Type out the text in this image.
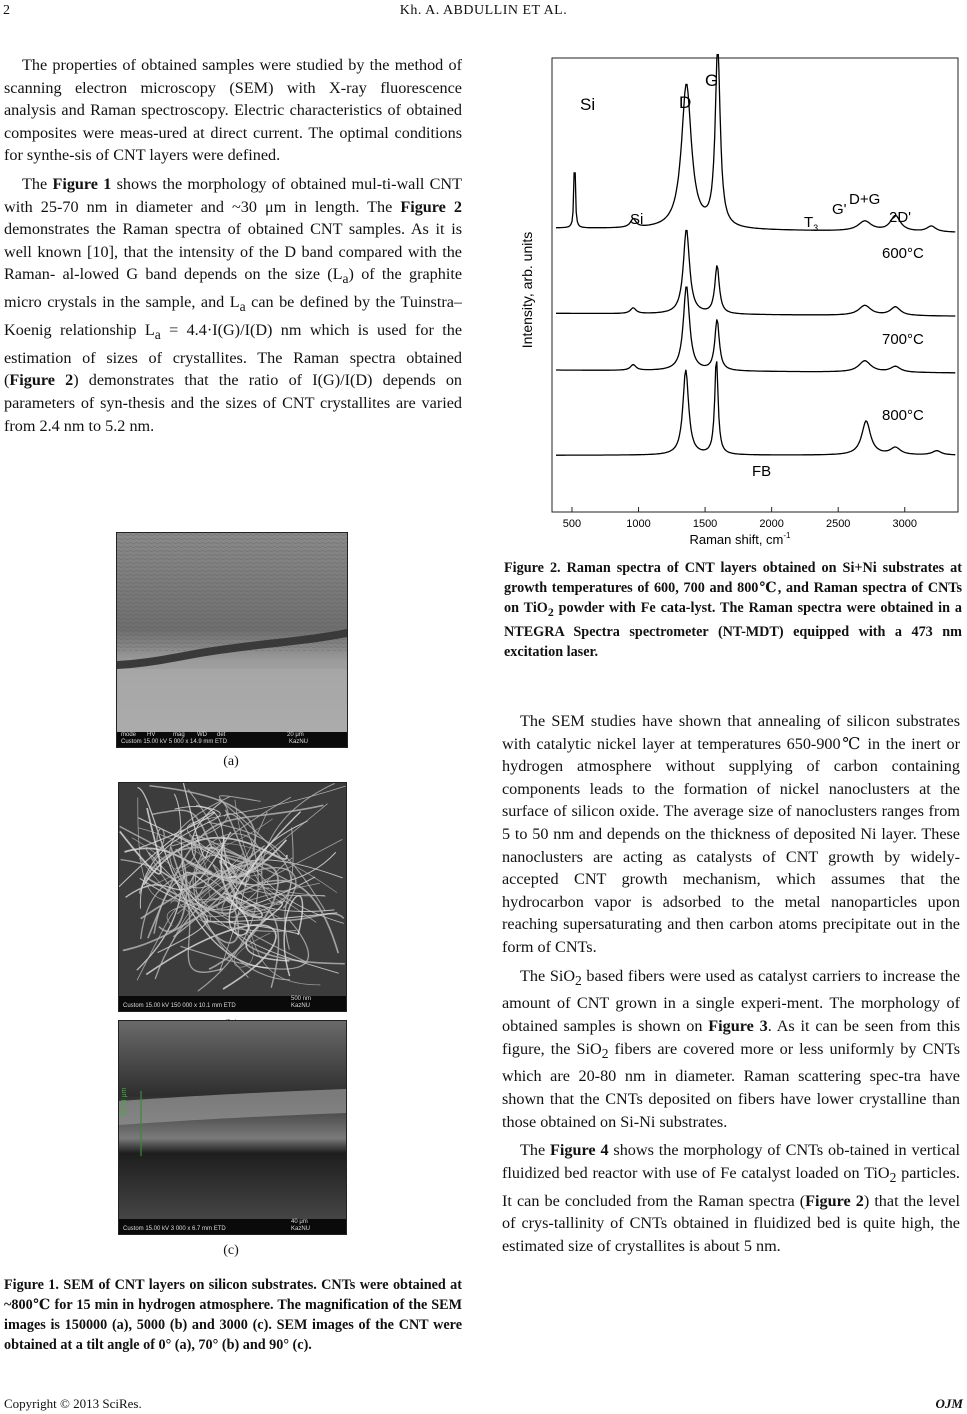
2	Kh. A. ABDULLIN ET AL.

The properties of obtained samples were studied by the method of scanning electron microscopy (SEM) with X-ray fluorescence analysis and Raman spectroscopy. Electric characteristics of obtained composites were meas-ured at direct current. The optimal conditions for synthe-sis of CNT layers were defined.

The Figure 1 shows the morphology of obtained mul-ti-wall CNT with 25-70 nm in diameter and ~30 μm in length. The Figure 2 demonstrates the Raman spectra of obtained CNT samples. As it is well known [10], that the intensity of the D band compared with the Raman- al-lowed G band depends on the size $(L_a)$ of the graphite micro crystals in the sample, and $L_a$ can be defined by the Tuinstra–Koenig relationship $L_a = 4.4\cdot I(G)/I(D)$ nm which is used for the estimation of sizes of crystallites. The Raman spectra obtained (Figure 2) demonstrates that the ratio of I(G)/I(D) depends on parameters of syn-thesis and the sizes of CNT crystallites are varied from 2.4 nm to 5.2 nm.

mode HV	mag WD det
Custom 15.00 kV 5 000 x 14.9 mm ETD
20 μm
KazNU
(a)
Custom 15.00 kV 150 000 x 10.1 mm ETD
500 nm
KazNU
32.28 μm
Custom 15.00 kV 3 000 x 6.7 mm ETD
40 μm
KazNU
(c)

Figure 1. SEM of CNT layers on silicon substrates. CNTs were obtained at ~800℃ for 15 min in hydrogen atmosphere. The magnification of the SEM images is 150000 (a), 5000 (b) and 3000 (c). SEM images of the CNT were obtained at a tilt angle of 0° (a), 70° (b) and 90° (c).

500	1000	1500	2000	2500	3000
Intensity, arb. units
Raman shift, $cm^{-1}$
Si	D
G
Si	$T_3$
G'
D+G
2D'
600°C
700°C
800°C
FB

Figure 2. Raman spectra of CNT layers obtained on Si+Ni substrates at growth temperatures of 600, 700 and 800℃, and Raman spectra of CNTs on TiO$_2$ powder with Fe cata-lyst. The Raman spectra were obtained in a NTEGRA Spectra spectrometer (NT-MDT) equipped with a 473 nm excitation laser.

The SEM studies have shown that annealing of silicon substrates with catalytic nickel layer at temperatures 650-900℃ in the inert or hydrogen atmosphere without supplying of carbon containing components leads to the formation of nickel nanoclusters at the surface of silicon oxide. The average size of nanoclusters ranges from 5 to 50 nm and depends on the thickness of deposited Ni layer. These nanoclusters are acting as catalysts of CNT growth by widely-accepted CNT growth mechanism, which assumes that the hydrocarbon vapor is adsorbed to the metal nanoparticles upon reaching supersaturating and then carbon atoms precipitate out in the form of CNTs.

The SiO$_2$ based fibers were used as catalyst carriers to increase the amount of CNT grown in a single experi-ment. The morphology of obtained samples is shown on Figure 3. As it can be seen from this figure, the SiO$_2$ fibers are covered more or less uniformly by CNTs which are 20-80 nm in diameter. Raman scattering spec-tra have shown that the CNTs deposited on fibers have lower crystalline than those obtained on Si-Ni substrates.

The Figure 4 shows the morphology of CNTs ob-tained in vertical fluidized bed reactor with use of Fe catalyst loaded on TiO$_2$ particles. It can be concluded from the Raman spectra (Figure 2) that the level of crys-tallinity of CNTs obtained in fluidized bed is quite high, the estimated size of crystallites is about 5 nm.

Copyright © 2013 SciRes.	OJM
